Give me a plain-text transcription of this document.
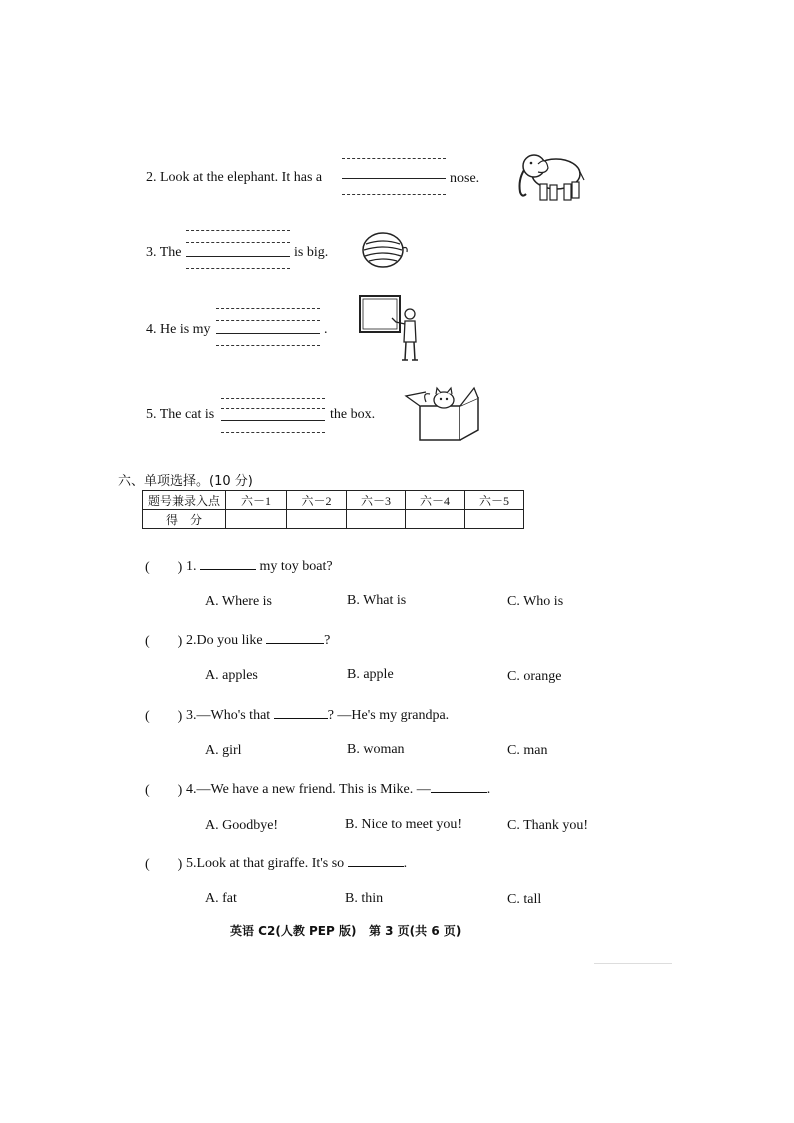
2. Look at the elephant. It has a	nose.
3. The	is big.
4. He is my	.
5. The cat is	the box.
六、单项选择。(10 分)
题号兼录入点	六－1	六－2	六－3	六－4	六－5
得　分					
(　　) 1.	my toy boat?
A. Where is	B. What is	C. Who is
(　　) 2.Do you like	?
A. apples	B. apple	C. orange
(　　) 3.—Who's that	? —He's my grandpa.
A. girl	B. woman	C. man
(　　) 4.—We have a new friend. This is Mike. —	.
A. Goodbye!	B. Nice to meet you!	C. Thank you!
(　　) 5.Look at that giraffe. It's so	.
A. fat	B. thin	C. tall
英语 C2(人教 PEP 版)   第 3 页(共 6 页)
